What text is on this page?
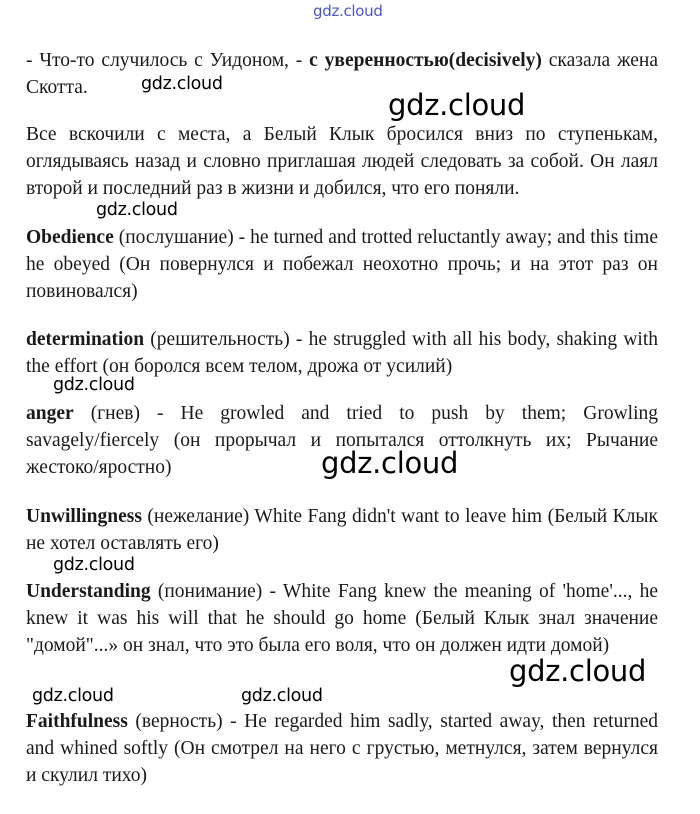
gdz.cloud

- Что-то случилось с Уидоном, - с уверенностью(decisively) сказала жена Скотта.

Все вскочили с места, а Белый Клык бросился вниз по ступенькам, оглядываясь назад и словно приглашая людей следовать за собой. Он лаял второй и последний раз в жизни и добился, что его поняли.

Obedience (послушание) - he turned and trotted reluctantly away; and this time he obeyed (Он повернулся и побежал неохотно прочь; и на этот раз он повиновался)

determination (решительность) - he struggled with all his body, shaking with the effort (он боролся всем телом, дрожа от усилий)

anger (гнев) - He growled and tried to push by them; Growling savagely/fiercely (он прорычал и попытался оттолкнуть их; Рычание жестоко/яростно)

Unwillingness (нежелание) White Fang didn't want to leave him (Белый Клык не хотел оставлять его)

Understanding (понимание) - White Fang knew the meaning of 'home'..., he knew it was his will that he should go home (Белый Клык знал значение "домой"...» он знал, что это была его воля, что он должен идти домой)

Faithfulness (верность) - He regarded him sadly, started away, then returned and whined softly (Он смотрел на него с грустью, метнулся, затем вернулся и скулил тихо)

gdz.cloud
gdz.cloud
gdz.cloud
gdz.cloud
gdz.cloud
gdz.cloud
gdz.cloud
gdz.cloud	gdz.cloud
